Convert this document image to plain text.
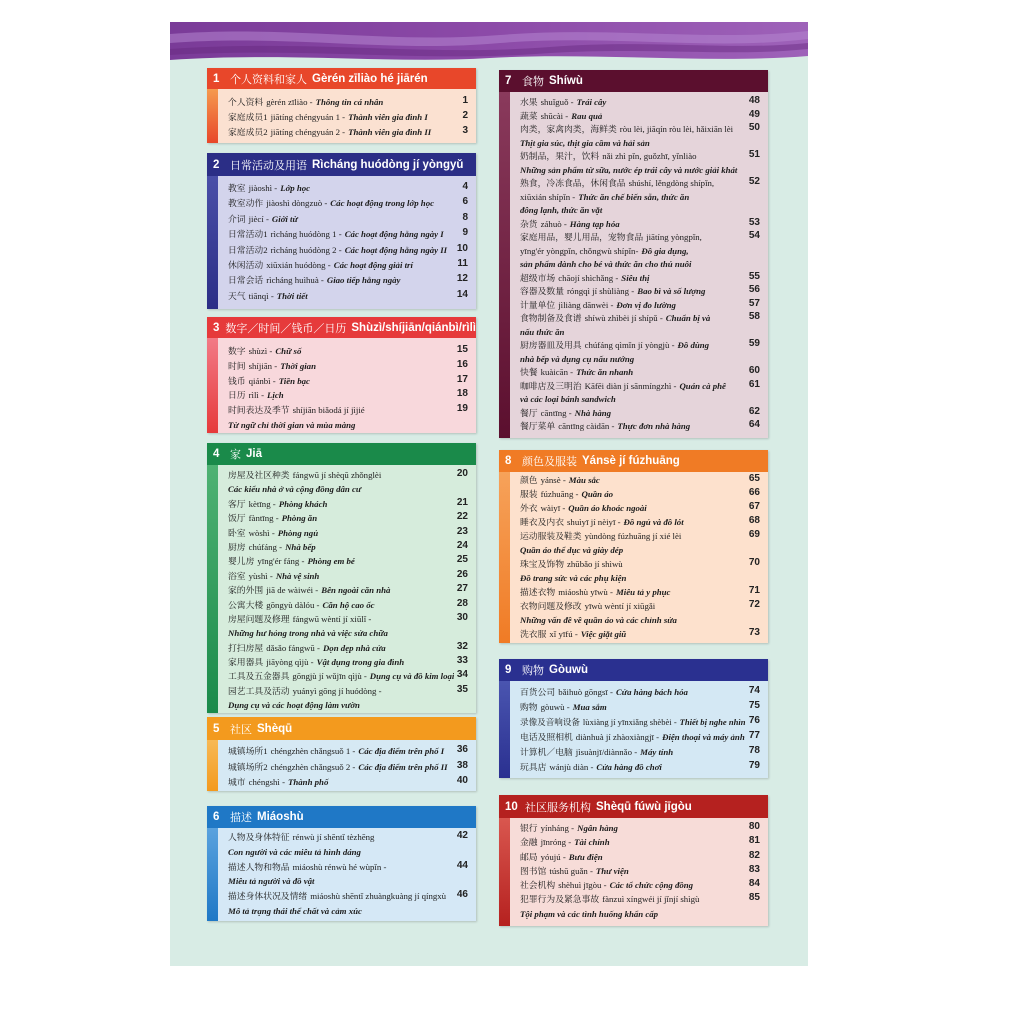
1 个人资料和家人 Gèrén zīliào hé jiārén
个人资料 gèrén zīliào - Thông tin cá nhân	1
家庭成员1 jiātíng chéngyuán 1 - Thành viên gia đình I	2
家庭成员2 jiātíng chéngyuán 2 - Thành viên gia đình II	3
2 日常活动及用语 Rìcháng huódòng jí yòngyǔ
教室 jiàoshì - Lớp học	4
教室动作 jiàoshì dòngzuò - Các hoạt động trong lớp học	6
介词 jiècí - Giới từ	8
日常活动1 rìcháng huódòng 1 - Các hoạt động hằng ngày I	9
日常活动2 rìcháng huódòng 2 - Các hoạt động hằng ngày II 10
休闲活动 xiūxián huódòng - Các hoạt động giải trí	11
日常会话 rìcháng huìhuà - Giao tiếp hằng ngày	12
天气 tiānqì - Thời tiết	14
3 数字／时间／钱币／日历 Shùzì/shíjiān/qiánbì/rìlì
数字 shùzì - Chữ số	15
时间 shíjiān - Thời gian	16
钱币 qiánbì - Tiền bạc	17
日历 rìlì - Lịch	18
时间表达及季节 shíjiān biǎodá jí jìjié	19
Từ ngữ chỉ thời gian và mùa màng
4 家 Jiā
房屋及社区种类 fángwū jí shèqū zhǒnglèi	20
Các kiểu nhà ở và cộng đồng dân cư
客厅 kètīng - Phòng khách	21
饭厅 fàntīng - Phòng ăn	22
卧室 wòshì - Phòng ngủ	23
厨房 chúfáng - Nhà bếp	24
婴儿房 yīng'ér fáng - Phòng em bé	25
浴室 yùshì - Nhà vệ sinh	26
家的外围 jiā de wàiwéi - Bên ngoài căn nhà	27
公寓大楼 gōngyù dàlóu - Căn hộ cao ốc	28
房屋问题及修理 fángwū wèntí jí xiūlǐ -	30
Những hư hỏng trong nhà và việc sửa chữa
打扫房屋 dǎsǎo fángwū - Dọn dẹp nhà cửa	32
家用器具 jiāyòng qìjù - Vật dụng trong gia đình	33
工具及五金器具 gōngjù jí wǔjīn qìjù - Dụng cụ và đồ kim loại 34
园艺工具及活动 yuányì gōng jí huódòng -	35
Dụng cụ và các hoạt động làm vườn
5 社区 Shèqū
城镇场所1 chéngzhèn chǎngsuǒ 1 - Các địa điểm trên phố I	36
城镇场所2 chéngzhèn chǎngsuǒ 2 - Các địa điểm trên phố II 38
城市 chéngshì - Thành phố	40
6 描述 Miáoshù
人物及身体特征 rénwù jí shēntǐ tèzhēng	42
Con người và các miêu tả hình dáng
描述人物和物品 miáoshù rénwù hé wùpǐn -	44
Miêu tả người và đồ vật
描述身体状况及情绪 miáoshù shēntǐ zhuàngkuàng jí qíngxù	46
Mô tả trạng thái thể chất và cảm xúc
7 食物 Shíwù
水果 shuǐguǒ - Trái cây	48
蔬菜 shūcài - Rau quả	49
肉类，家禽肉类，海鲜类 ròu lèi, jiāqín ròu lèi, hǎixiān lèi	50
Thịt gia súc, thịt gia cầm và hải sản
奶制品，果汁，饮料 nǎi zhì pǐn, guǒzhī, yǐnliào	51
Những sản phẩm từ sữa, nước ép trái cây và nước giải khát
熟食，冷冻食品，休闲食品 shúshí, lěngdòng shípǐn,	52
xiūxián shípǐn - Thức ăn chế biến sẵn, thức ăn
đông lạnh, thức ăn vặt
杂货 záhuò - Hàng tạp hóa	53
家庭用品，婴儿用品，宠物食品 jiātíng yòngpǐn,	54
yīng'ér yòngpǐn, chǒngwù shípǐn- Đồ gia dụng,
sản phẩm dành cho bé và thức ăn cho thú nuôi
超级市场 chāojí shìchǎng - Siêu thị	55
容器及数量 róngqì jí shùliàng - Bao bì và số lượng	56
计量单位 jìliàng dānwèi - Đơn vị đo lường	57
食物制备及食谱 shíwù zhìbèi jí shípǔ - Chuẩn bị và	58
nấu thức ăn
厨房器皿及用具 chúfáng qìmǐn jí yòngjù - Đồ dùng	59
nhà bếp và dụng cụ nấu nướng
快餐 kuàicān - Thức ăn nhanh	60
咖啡店及三明治 Kāfēi diàn jí sānmíngzhì - Quán cà phê	61
và các loại bánh sandwich
餐厅 cāntīng - Nhà hàng	62
餐厅菜单 cāntīng càidān - Thực đơn nhà hàng	64
8 颜色及服装 Yánsè jí fúzhuāng
颜色 yánsè - Màu sắc	65
服装 fúzhuāng - Quần áo	66
外衣 wàiyī - Quần áo khoác ngoài	67
睡衣及内衣 shuìyī jí nèiyī - Đồ ngủ và đồ lót	68
运动服装及鞋类 yùndòng fúzhuāng jí xié lèi	69
Quần áo thể dục và giày dép
珠宝及饰物 zhūbǎo jí shìwù	70
Đồ trang sức và các phụ kiện
描述衣物 miáoshù yīwù - Miêu tả y phục	71
衣物问题及修改 yīwù wèntí jí xiūgǎi	72
Những vấn đề về quần áo và các chỉnh sửa
洗衣服 xǐ yīfú - Việc giặt giũ	73
9 购物 Gòuwù
百货公司 bǎihuò gōngsī - Cửa hàng bách hóa	74
购物 gòuwù - Mua sắm	75
录像及音响设备 lùxiàng jí yīnxiǎng shèbèi - Thiết bị nghe nhìn 76
电话及照相机 diànhuà jí zhàoxiàngjī - Điện thoại và máy ảnh 77
计算机／电脑 jìsuànjī/diànnǎo - Máy tính	78
玩具店 wánjù diàn - Cửa hàng đồ chơi	79
10 社区服务机构 Shèqū fúwù jīgòu
银行 yínháng - Ngân hàng	80
金融 jīnróng - Tài chính	81
邮局 yóujú - Bưu điện	82
图书馆 túshū guǎn - Thư viện	83
社会机构 shèhuì jīgòu - Các tổ chức cộng đồng	84
犯罪行为及紧急事故 fànzuì xíngwéi jí jǐnjí shìgù	85
Tội phạm và các tình huống khẩn cấp
